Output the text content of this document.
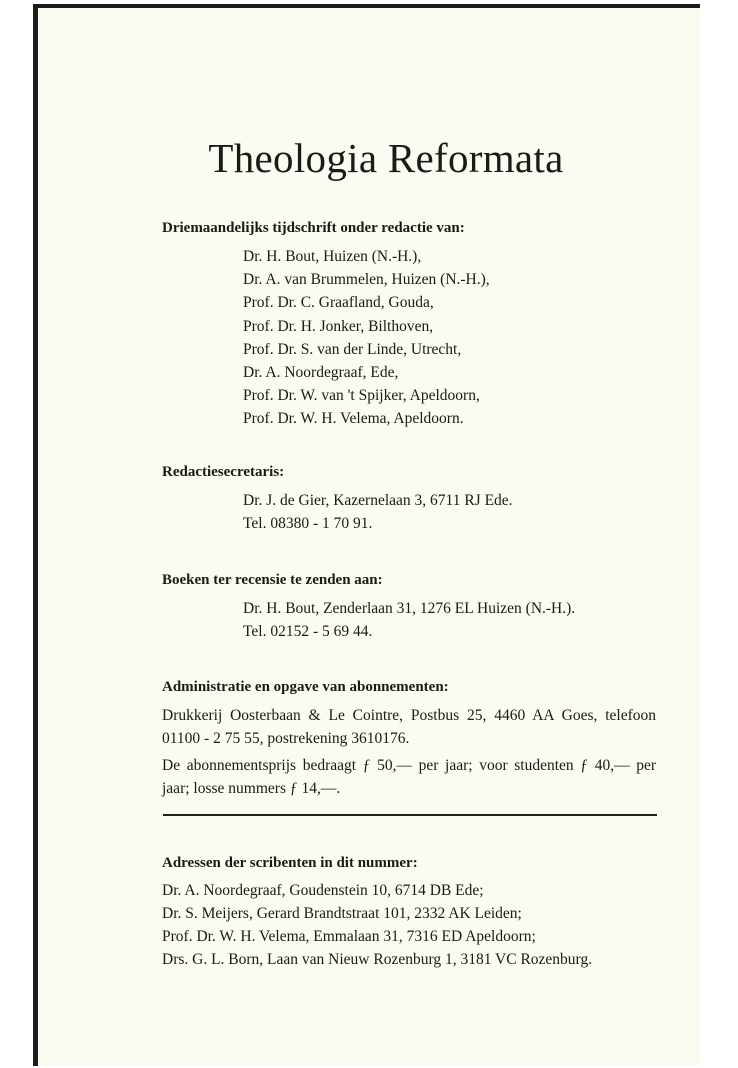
Theologia Reformata
Driemaandelijks tijdschrift onder redactie van:
Dr. H. Bout, Huizen (N.-H.),
Dr. A. van Brummelen, Huizen (N.-H.),
Prof. Dr. C. Graafland, Gouda,
Prof. Dr. H. Jonker, Bilthoven,
Prof. Dr. S. van der Linde, Utrecht,
Dr. A. Noordegraaf, Ede,
Prof. Dr. W. van 't Spijker, Apeldoorn,
Prof. Dr. W. H. Velema, Apeldoorn.
Redactiesecretaris:
Dr. J. de Gier, Kazernelaan 3, 6711 RJ Ede.
Tel. 08380 - 1 70 91.
Boeken ter recensie te zenden aan:
Dr. H. Bout, Zenderlaan 31, 1276 EL Huizen (N.-H.).
Tel. 02152 - 5 69 44.
Administratie en opgave van abonnementen:
Drukkerij Oosterbaan & Le Cointre, Postbus 25, 4460 AA Goes, telefoon 01100 - 2 75 55, postrekening 3610176.
De abonnementsprijs bedraagt ƒ 50,— per jaar; voor studenten ƒ 40,— per jaar; losse nummers ƒ 14,—.
Adressen der scribenten in dit nummer:
Dr. A. Noordegraaf, Goudenstein 10, 6714 DB Ede;
Dr. S. Meijers, Gerard Brandtstraat 101, 2332 AK Leiden;
Prof. Dr. W. H. Velema, Emmalaan 31, 7316 ED Apeldoorn;
Drs. G. L. Born, Laan van Nieuw Rozenburg 1, 3181 VC Rozenburg.
